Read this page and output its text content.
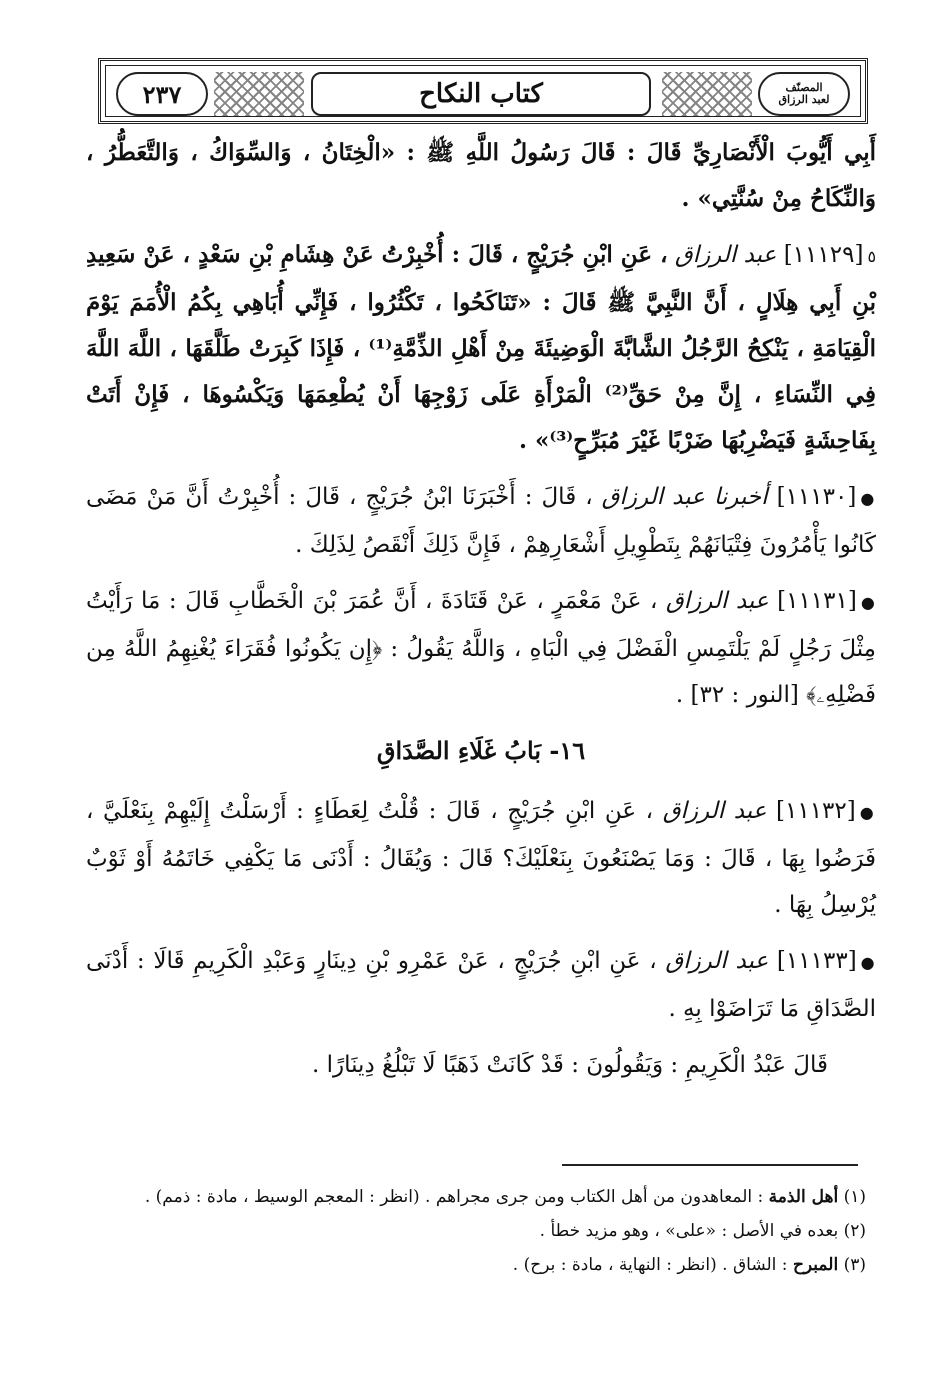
٢٣٧	كتاب النكاح	المصنّف
لعبد الرزاق

أَبِي أَيُّوبَ الْأَنْصَارِيِّ قَالَ : قَالَ رَسُولُ اللَّهِ ﷺ : «الْخِتَانُ ، وَالسِّوَاكُ ، وَالتَّعَطُّرُ ، وَالنِّكَاحُ مِنْ سُنَّتِي» .

٥[١١١٢٩] عبد الرزاق ، عَنِ ابْنِ جُرَيْجٍ ، قَالَ : أُخْبِرْتُ عَنْ هِشَامِ بْنِ سَعْدٍ ، عَنْ سَعِيدِ بْنِ أَبِي هِلَالٍ ، أَنَّ النَّبِيَّ ﷺ قَالَ : «تَنَاكَحُوا ، تَكْثُرُوا ، فَإِنِّي أُبَاهِي بِكُمُ الْأُمَمَ يَوْمَ الْقِيَامَةِ ، يَنْكِحُ الرَّجُلُ الشَّابَّةَ الْوَضِيئَةَ مِنْ أَهْلِ الذِّمَّةِ⁽¹⁾ ، فَإِذَا كَبِرَتْ طَلَّقَهَا ، اللَّهَ اللَّهَ فِي النِّسَاءِ ، إِنَّ مِنْ حَقِّ⁽²⁾ الْمَرْأَةِ عَلَى زَوْجِهَا أَنْ يُطْعِمَهَا وَيَكْسُوهَا ، فَإِنْ أَتَتْ بِفَاحِشَةٍ فَيَضْرِبُهَا ضَرْبًا غَيْرَ مُبَرِّحٍ⁽³⁾» .

●[١١١٣٠] أخبرنا عبد الرزاق ، قَالَ : أَخْبَرَنَا ابْنُ جُرَيْجٍ ، قَالَ : أُخْبِرْتُ أَنَّ مَنْ مَضَى كَانُوا يَأْمُرُونَ فِتْيَانَهُمْ بِتَطْوِيلِ أَشْعَارِهِمْ ، فَإِنَّ ذَلِكَ أَنْقَصُ لِذَلِكَ .

●[١١١٣١] عبد الرزاق ، عَنْ مَعْمَرٍ ، عَنْ قَتَادَةَ ، أَنَّ عُمَرَ بْنَ الْخَطَّابِ قَالَ : مَا رَأَيْتُ مِثْلَ رَجُلٍ لَمْ يَلْتَمِسِ الْفَضْلَ فِي الْبَاهِ ، وَاللَّهُ يَقُولُ : ﴿إِن يَكُونُوا فُقَرَاءَ يُغْنِهِمُ اللَّهُ مِن فَضْلِهِۦ﴾ [النور : ٣٢] .

١٦- بَابُ غَلَاءِ الصَّدَاقِ

●[١١١٣٢] عبد الرزاق ، عَنِ ابْنِ جُرَيْجٍ ، قَالَ : قُلْتُ لِعَطَاءٍ : أَرْسَلْتُ إِلَيْهِمْ بِنَعْلَيَّ ، فَرَضُوا بِهَا ، قَالَ : وَمَا يَصْنَعُونَ بِنَعْلَيْكَ؟ قَالَ : وَيُقَالُ : أَدْنَى مَا يَكْفِي خَاتَمُهُ أَوْ ثَوْبٌ يُرْسِلُ بِهَا .

●[١١١٣٣] عبد الرزاق ، عَنِ ابْنِ جُرَيْجٍ ، عَنْ عَمْرِو بْنِ دِينَارٍ وَعَبْدِ الْكَرِيمِ قَالَا : أَدْنَى الصَّدَاقِ مَا تَرَاضَوْا بِهِ .

قَالَ عَبْدُ الْكَرِيمِ : وَيَقُولُونَ : قَدْ كَانَتْ ذَهَبًا لَا تَبْلُغُ دِينَارًا .

(١) أهل الذمة : المعاهدون من أهل الكتاب ومن جرى مجراهم . (انظر : المعجم الوسيط ، مادة : ذمم) .

(٢) بعده في الأصل : «على» ، وهو مزيد خطأ .

(٣) المبرح : الشاق . (انظر : النهاية ، مادة : برح) .
